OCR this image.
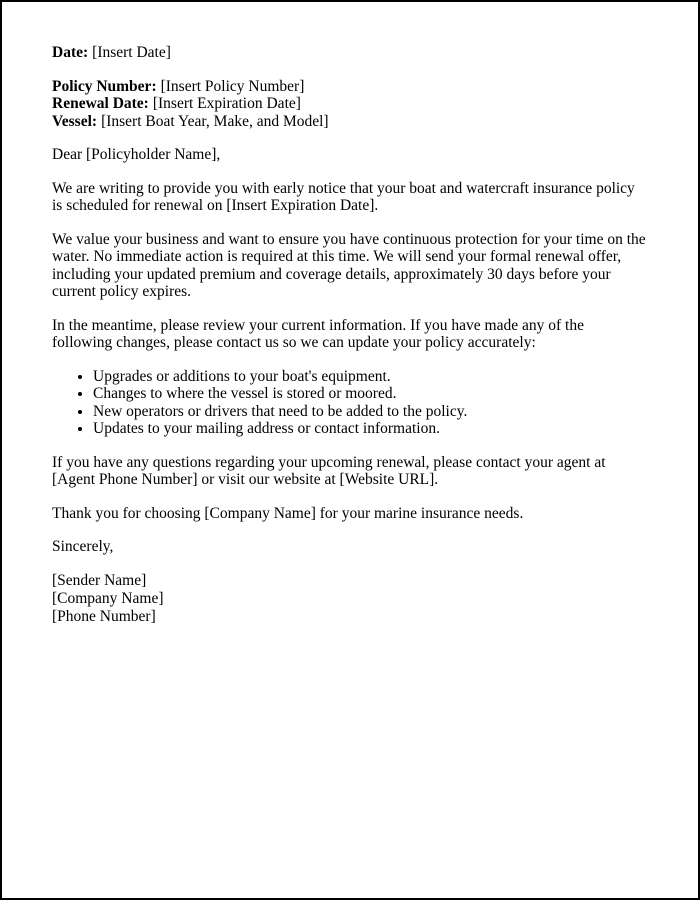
Date: [Insert Date]
Policy Number: [Insert Policy Number]
Renewal Date: [Insert Expiration Date]
Vessel: [Insert Boat Year, Make, and Model]

Dear [Policyholder Name],

We are writing to provide you with early notice that your boat and watercraft insurance policy is scheduled for renewal on [Insert Expiration Date].

We value your business and want to ensure you have continuous protection for your time on the water. No immediate action is required at this time. We will send your formal renewal offer, including your updated premium and coverage details, approximately 30 days before your current policy expires.

In the meantime, please review your current information. If you have made any of the following changes, please contact us so we can update your policy accurately:

• Upgrades or additions to your boat's equipment.
• Changes to where the vessel is stored or moored.
• New operators or drivers that need to be added to the policy.
• Updates to your mailing address or contact information.

If you have any questions regarding your upcoming renewal, please contact your agent at [Agent Phone Number] or visit our website at [Website URL].

Thank you for choosing [Company Name] for your marine insurance needs.

Sincerely,

[Sender Name]
[Company Name]
[Phone Number]
